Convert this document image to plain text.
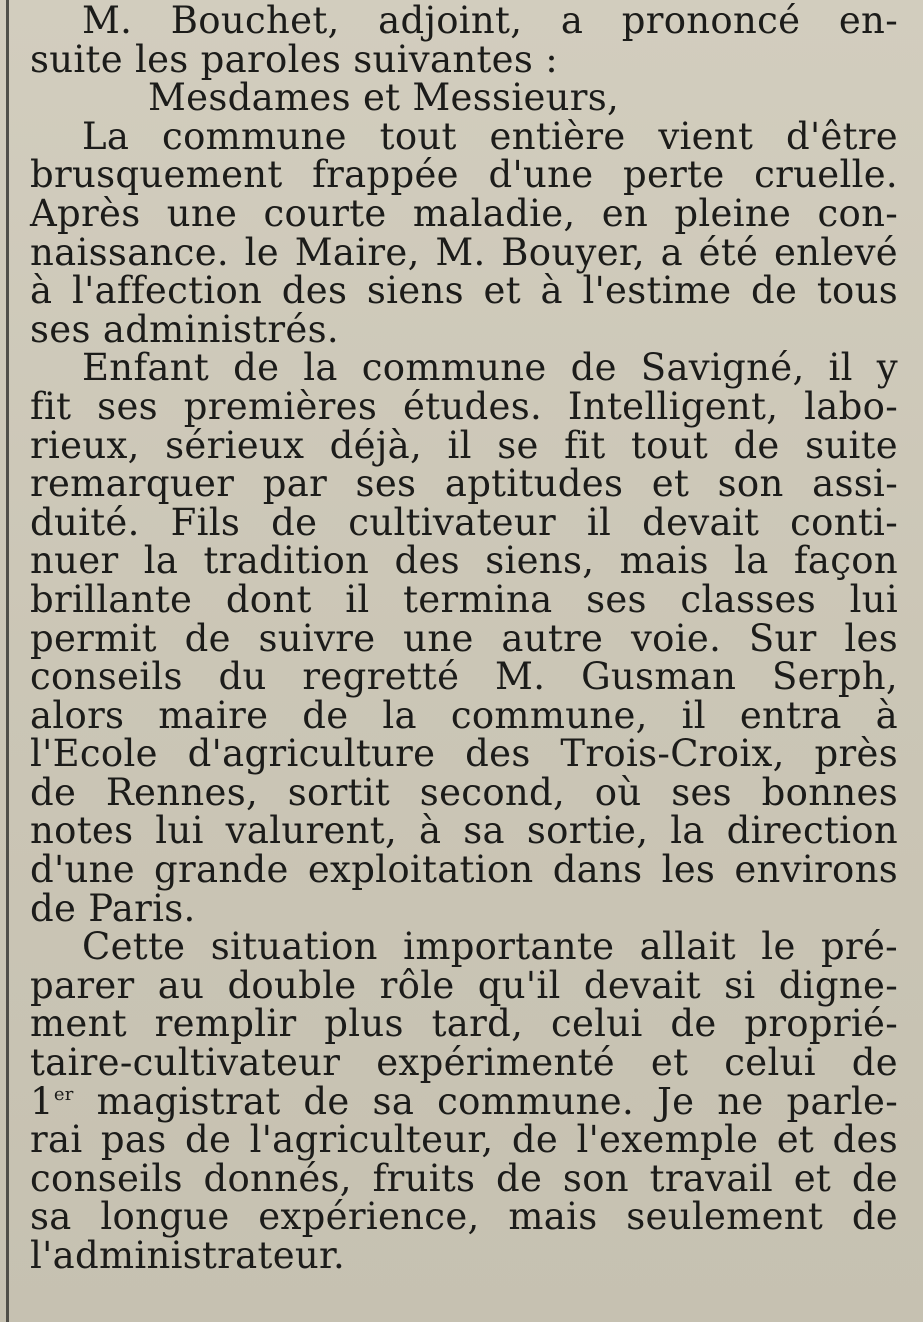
M. Bouchet, adjoint, a prononcé en-
suite les paroles suivantes :
Mesdames et Messieurs,
La commune tout entière vient d'être
brusquement frappée d'une perte cruelle.
Après une courte maladie, en pleine con-
naissance. le Maire, M. Bouyer, a été enlevé
à l'affection des siens et à l'estime de tous
ses administrés.
Enfant de la commune de Savigné, il y
fit ses premières études. Intelligent, labo-
rieux, sérieux déjà, il se fit tout de suite
remarquer par ses aptitudes et son assi-
duité. Fils de cultivateur il devait conti-
nuer la tradition des siens, mais la façon
brillante dont il termina ses classes lui
permit de suivre une autre voie. Sur les
conseils du regretté M. Gusman Serph,
alors maire de la commune, il entra à
l'Ecole d'agriculture des Trois-Croix, près
de Rennes, sortit second, où ses bonnes
notes lui valurent, à sa sortie, la direction
d'une grande exploitation dans les environs
de Paris.
Cette situation importante allait le pré-
parer au double rôle qu'il devait si digne-
ment remplir plus tard, celui de proprié-
taire-cultivateur expérimenté et celui de
1er magistrat de sa commune. Je ne parle-
rai pas de l'agriculteur, de l'exemple et des
conseils donnés, fruits de son travail et de
sa longue expérience, mais seulement de
l'administrateur.
